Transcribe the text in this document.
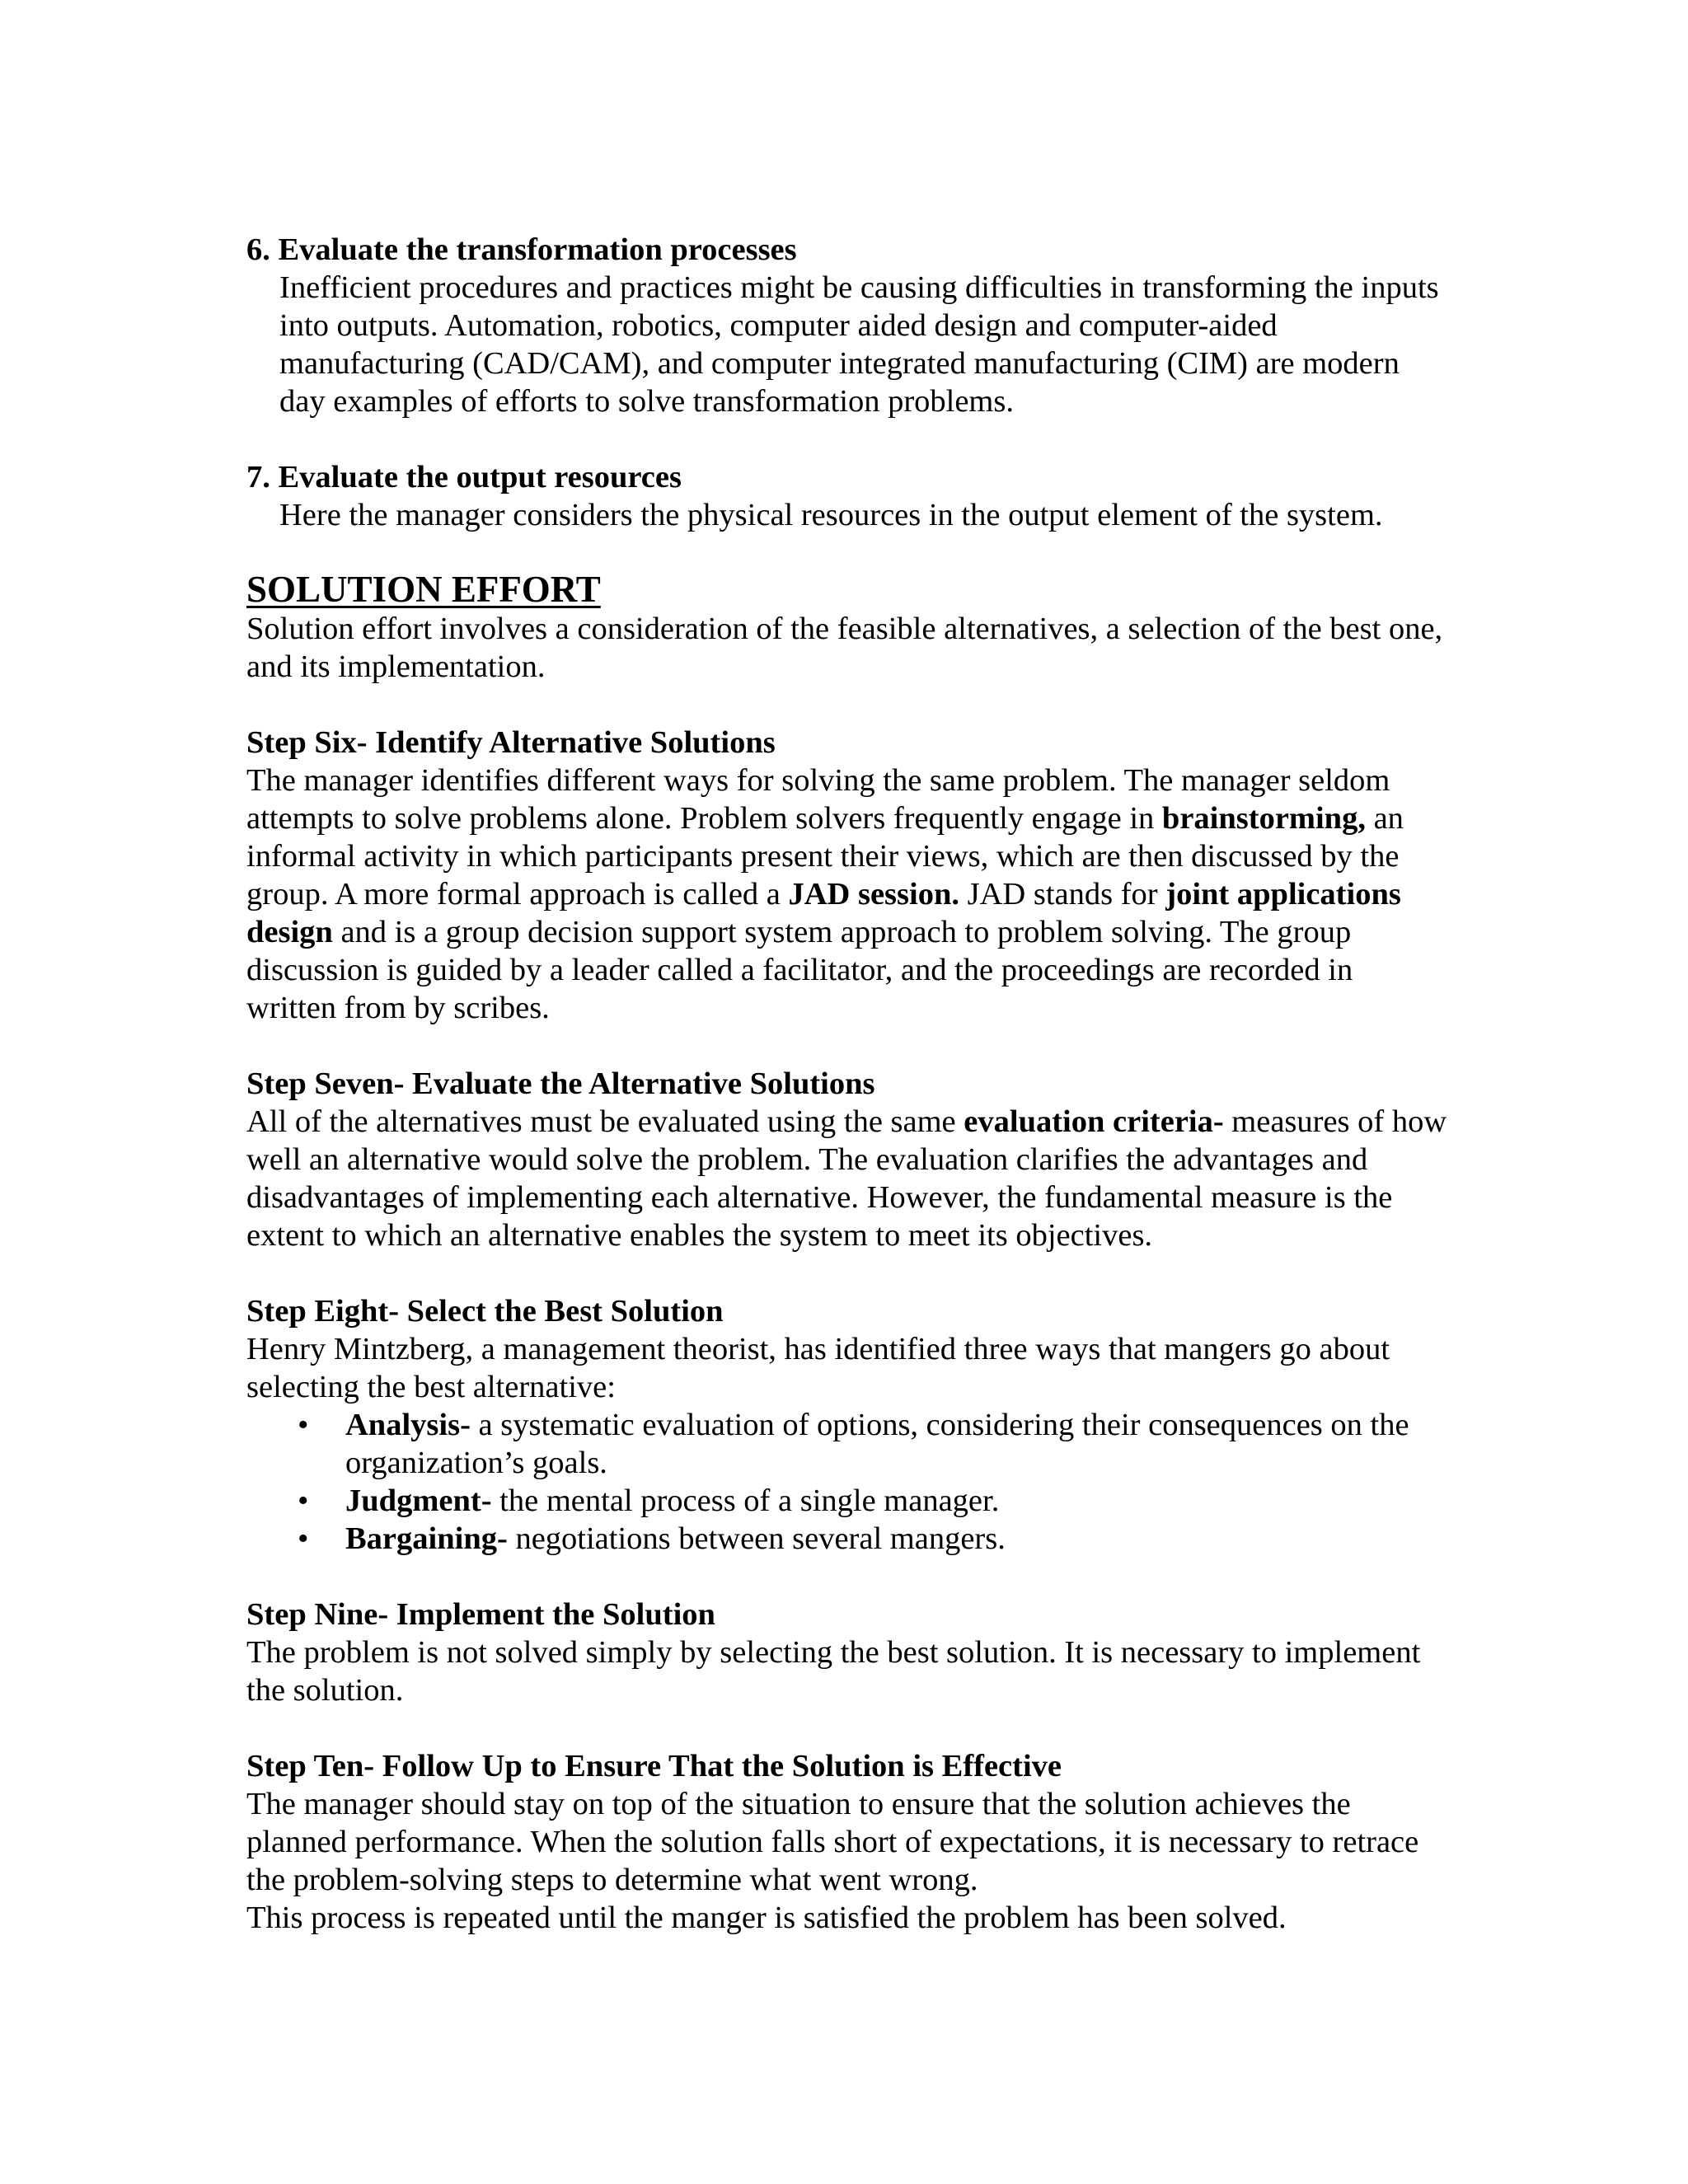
6. Evaluate the transformation processes
Inefficient procedures and practices might be causing difficulties in transforming the inputs into outputs. Automation, robotics, computer aided design and computer-aided manufacturing (CAD/CAM), and computer integrated manufacturing (CIM) are modern day examples of efforts to solve transformation problems.
7. Evaluate the output resources
Here the manager considers the physical resources in the output element of the system.
SOLUTION EFFORT
Solution effort involves a consideration of the feasible alternatives, a selection of the best one, and its implementation.
Step Six- Identify Alternative Solutions
The manager identifies different ways for solving the same problem. The manager seldom attempts to solve problems alone. Problem solvers frequently engage in brainstorming, an informal activity in which participants present their views, which are then discussed by the group. A more formal approach is called a JAD session. JAD stands for joint applications design and is a group decision support system approach to problem solving. The group discussion is guided by a leader called a facilitator, and the proceedings are recorded in written from by scribes.
Step Seven- Evaluate the Alternative Solutions
All of the alternatives must be evaluated using the same evaluation criteria- measures of how well an alternative would solve the problem. The evaluation clarifies the advantages and disadvantages of implementing each alternative. However, the fundamental measure is the extent to which an alternative enables the system to meet its objectives.
Step Eight- Select the Best Solution
Henry Mintzberg, a management theorist, has identified three ways that mangers go about selecting the best alternative:
• Analysis- a systematic evaluation of options, considering their consequences on the organization’s goals.
• Judgment- the mental process of a single manager.
• Bargaining- negotiations between several mangers.
Step Nine- Implement the Solution
The problem is not solved simply by selecting the best solution. It is necessary to implement the solution.
Step Ten- Follow Up to Ensure That the Solution is Effective
The manager should stay on top of the situation to ensure that the solution achieves the planned performance. When the solution falls short of expectations, it is necessary to retrace the problem-solving steps to determine what went wrong.
This process is repeated until the manger is satisfied the problem has been solved.
